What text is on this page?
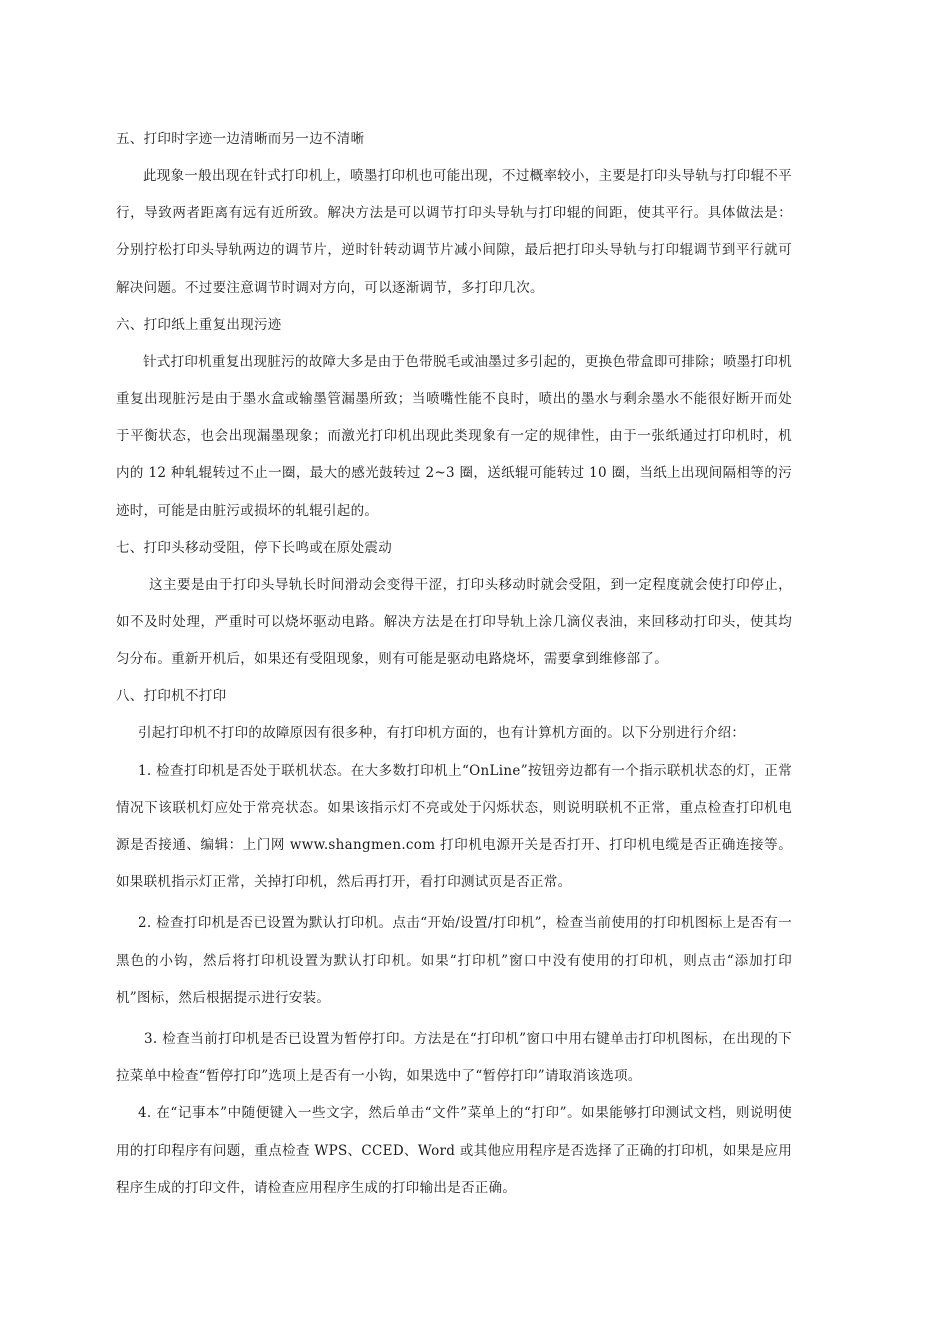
五、打印时字迹一边清晰而另一边不清晰

此现象一般出现在针式打印机上，喷墨打印机也可能出现，不过概率较小，主要是打印头导轨与打印辊不平行，导致两者距离有远有近所致。解决方法是可以调节打印头导轨与打印辊的间距，使其平行。具体做法是：分别拧松打印头导轨两边的调节片，逆时针转动调节片减小间隙，最后把打印头导轨与打印辊调节到平行就可解决问题。不过要注意调节时调对方向，可以逐渐调节，多打印几次。

六、打印纸上重复出现污迹

针式打印机重复出现脏污的故障大多是由于色带脱毛或油墨过多引起的，更换色带盒即可排除；喷墨打印机重复出现脏污是由于墨水盒或输墨管漏墨所致；当喷嘴性能不良时，喷出的墨水与剩余墨水不能很好断开而处于平衡状态，也会出现漏墨现象；而激光打印机出现此类现象有一定的规律性，由于一张纸通过打印机时，机内的 12 种轧辊转过不止一圈，最大的感光鼓转过 2~3 圈，送纸辊可能转过 10 圈，当纸上出现间隔相等的污迹时，可能是由脏污或损坏的轧辊引起的。

七、打印头移动受阻，停下长鸣或在原处震动

这主要是由于打印头导轨长时间滑动会变得干涩，打印头移动时就会受阻，到一定程度就会使打印停止，如不及时处理，严重时可以烧坏驱动电路。解决方法是在打印导轨上涂几滴仪表油，来回移动打印头，使其均匀分布。重新开机后，如果还有受阻现象，则有可能是驱动电路烧坏，需要拿到维修部了。

八、打印机不打印

引起打印机不打印的故障原因有很多种，有打印机方面的，也有计算机方面的。以下分别进行介绍：

1. 检查打印机是否处于联机状态。在大多数打印机上“OnLine”按钮旁边都有一个指示联机状态的灯，正常情况下该联机灯应处于常亮状态。如果该指示灯不亮或处于闪烁状态，则说明联机不正常，重点检查打印机电源是否接通、编辑：上门网 www.shangmen.com 打印机电源开关是否打开、打印机电缆是否正确连接等。如果联机指示灯正常，关掉打印机，然后再打开，看打印测试页是否正常。

2. 检查打印机是否已设置为默认打印机。点击“开始/设置/打印机”，检查当前使用的打印机图标上是否有一黑色的小钩，然后将打印机设置为默认打印机。如果“打印机”窗口中没有使用的打印机，则点击“添加打印机”图标，然后根据提示进行安装。

3. 检查当前打印机是否已设置为暂停打印。方法是在“打印机”窗口中用右键单击打印机图标，在出现的下拉菜单中检查“暂停打印”选项上是否有一小钩，如果选中了“暂停打印”请取消该选项。

4. 在“记事本”中随便键入一些文字，然后单击“文件”菜单上的“打印”。如果能够打印测试文档，则说明使用的打印程序有问题，重点检查 WPS、CCED、Word 或其他应用程序是否选择了正确的打印机，如果是应用程序生成的打印文件，请检查应用程序生成的打印输出是否正确。
